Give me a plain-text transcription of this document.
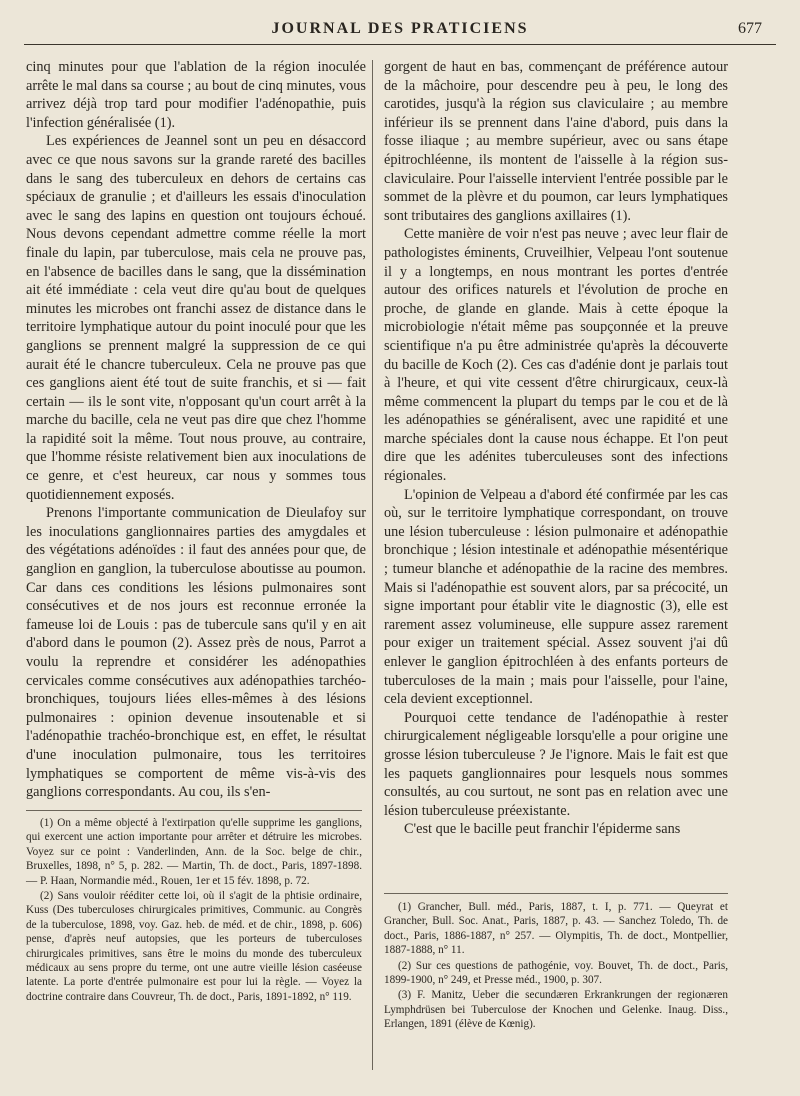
JOURNAL DES PRATICIENS	677

cinq minutes pour que l'ablation de la région inoculée arrête le mal dans sa course ; au bout de cinq minutes, vous arrivez déjà trop tard pour modifier l'adénopathie, puis l'infection généralisée (1).

Les expériences de Jeannel sont un peu en désaccord avec ce que nous savons sur la grande rareté des bacilles dans le sang des tuberculeux en dehors de certains cas spéciaux de granulie ; et d'ailleurs les essais d'inoculation avec le sang des lapins en question ont toujours échoué. Nous devons cependant admettre comme réelle la mort finale du lapin, par tuberculose, mais cela ne prouve pas, en l'absence de bacilles dans le sang, que la dissémination ait été immédiate : cela veut dire qu'au bout de quelques minutes les microbes ont franchi assez de distance dans le territoire lymphatique autour du point inoculé pour que les ganglions se prennent malgré la suppression de ce qui aurait été le chancre tuberculeux. Cela ne prouve pas que ces ganglions aient été tout de suite franchis, et si — fait certain — ils le sont vite, n'opposant qu'un court arrêt à la marche du bacille, cela ne veut pas dire que chez l'homme la rapidité soit la même. Tout nous prouve, au contraire, que l'homme résiste relativement bien aux inoculations de ce genre, et c'est heureux, car nous y sommes tous quotidiennement exposés.

Prenons l'importante communication de Dieulafoy sur les inoculations ganglionnaires parties des amygdales et des végétations adénoïdes : il faut des années pour que, de ganglion en ganglion, la tuberculose aboutisse au poumon. Car dans ces conditions les lésions pulmonaires sont consécutives et de nos jours est reconnue erronée la fameuse loi de Louis : pas de tubercule sans qu'il y en ait d'abord dans le poumon (2). Assez près de nous, Parrot a voulu la reprendre et considérer les adénopathies cervicales comme consécutives aux adénopathies tarchéo-bronchiques, toujours liées elles-mêmes à des lésions pulmonaires : opinion devenue insoutenable et si l'adénopathie trachéo-bronchique est, en effet, le résultat d'une inoculation pulmonaire, tous les territoires lymphatiques se comportent de même vis-à-vis des ganglions correspondants. Au cou, ils s'en-

gorgent de haut en bas, commençant de préférence autour de la mâchoire, pour descendre peu à peu, le long des carotides, jusqu'à la région sus claviculaire ; au membre inférieur ils se prennent dans l'aine d'abord, puis dans la fosse iliaque ; au membre supérieur, avec ou sans étape épitrochléenne, ils montent de l'aisselle à la région sus-claviculaire. Pour l'aisselle intervient l'entrée possible par le sommet de la plèvre et du poumon, car leurs lymphatiques sont tributaires des ganglions axillaires (1).

Cette manière de voir n'est pas neuve ; avec leur flair de pathologistes éminents, Cruveilhier, Velpeau l'ont soutenue il y a longtemps, en nous montrant les portes d'entrée autour des orifices naturels et l'évolution de proche en proche, de glande en glande. Mais à cette époque la microbiologie n'était même pas soupçonnée et la preuve scientifique n'a pu être administrée qu'après la découverte du bacille de Koch (2). Ces cas d'adénie dont je parlais tout à l'heure, et qui vite cessent d'être chirurgicaux, ceux-là même commencent la plupart du temps par le cou et de là les adénopathies se généralisent, avec une rapidité et une marche spéciales dont la cause nous échappe. Et l'on peut dire que les adénites tuberculeuses sont des infections régionales.

L'opinion de Velpeau a d'abord été confirmée par les cas où, sur le territoire lymphatique correspondant, on trouve une lésion tuberculeuse : lésion pulmonaire et adénopathie bronchique ; lésion intestinale et adénopathie mésentérique ; tumeur blanche et adénopathie de la racine des membres. Mais si l'adénopathie est souvent alors, par sa précocité, un signe important pour établir vite le diagnostic (3), elle est rarement assez volumineuse, elle suppure assez rarement pour exiger un traitement spécial. Assez souvent j'ai dû enlever le ganglion épitrochléen à des enfants porteurs de tuberculoses de la main ; mais pour l'aisselle, pour l'aine, cela devient exceptionnel.

Pourquoi cette tendance de l'adénopathie à rester chirurgicalement négligeable lorsqu'elle a pour origine une grosse lésion tuberculeuse ? Je l'ignore. Mais le fait est que les paquets ganglionnaires pour lesquels nous sommes consultés, au cou surtout, ne sont pas en relation avec une lésion tuberculeuse préexistante.

C'est que le bacille peut franchir l'épiderme sans

(1) On a même objecté à l'extirpation qu'elle supprime les ganglions, qui exercent une action importante pour arrêter et détruire les microbes. Voyez sur ce point : Vanderlinden, Ann. de la Soc. belge de chir., Bruxelles, 1898, n° 5, p. 282. — Martin, Th. de doct., Paris, 1897-1898. — P. Haan, Normandie méd., Rouen, 1er et 15 fév. 1898, p. 72.

(2) Sans vouloir rééditer cette loi, où il s'agit de la phtisie ordinaire, Kuss (Des tuberculoses chirurgicales primitives, Communic. au Congrès de la tuberculose, 1898, voy. Gaz. heb. de méd. et de chir., 1898, p. 606) pense, d'après neuf autopsies, que les porteurs de tuberculoses chirurgicales primitives, sans être le moins du monde des tuberculeux médicaux au sens propre du terme, ont une autre vieille lésion caséeuse latente. La porte d'entrée pulmonaire est pour lui la règle. — Voyez la doctrine contraire dans Couvreur, Th. de doct., Paris, 1891-1892, n° 119.

(1) Grancher, Bull. méd., Paris, 1887, t. I, p. 771. — Queyrat et Grancher, Bull. Soc. Anat., Paris, 1887, p. 43. — Sanchez Toledo, Th. de doct., Paris, 1886-1887, n° 257. — Olympitis, Th. de doct., Montpellier, 1887-1888, n° 11.

(2) Sur ces questions de pathogénie, voy. Bouvet, Th. de doct., Paris, 1899-1900, n° 249, et Presse méd., 1900, p. 307.

(3) F. Manitz, Ueber die secundæren Erkrankrungen der regionæren Lymphdrüsen bei Tuberculose der Knochen und Gelenke. Inaug. Diss., Erlangen, 1891 (élève de Kœnig).
